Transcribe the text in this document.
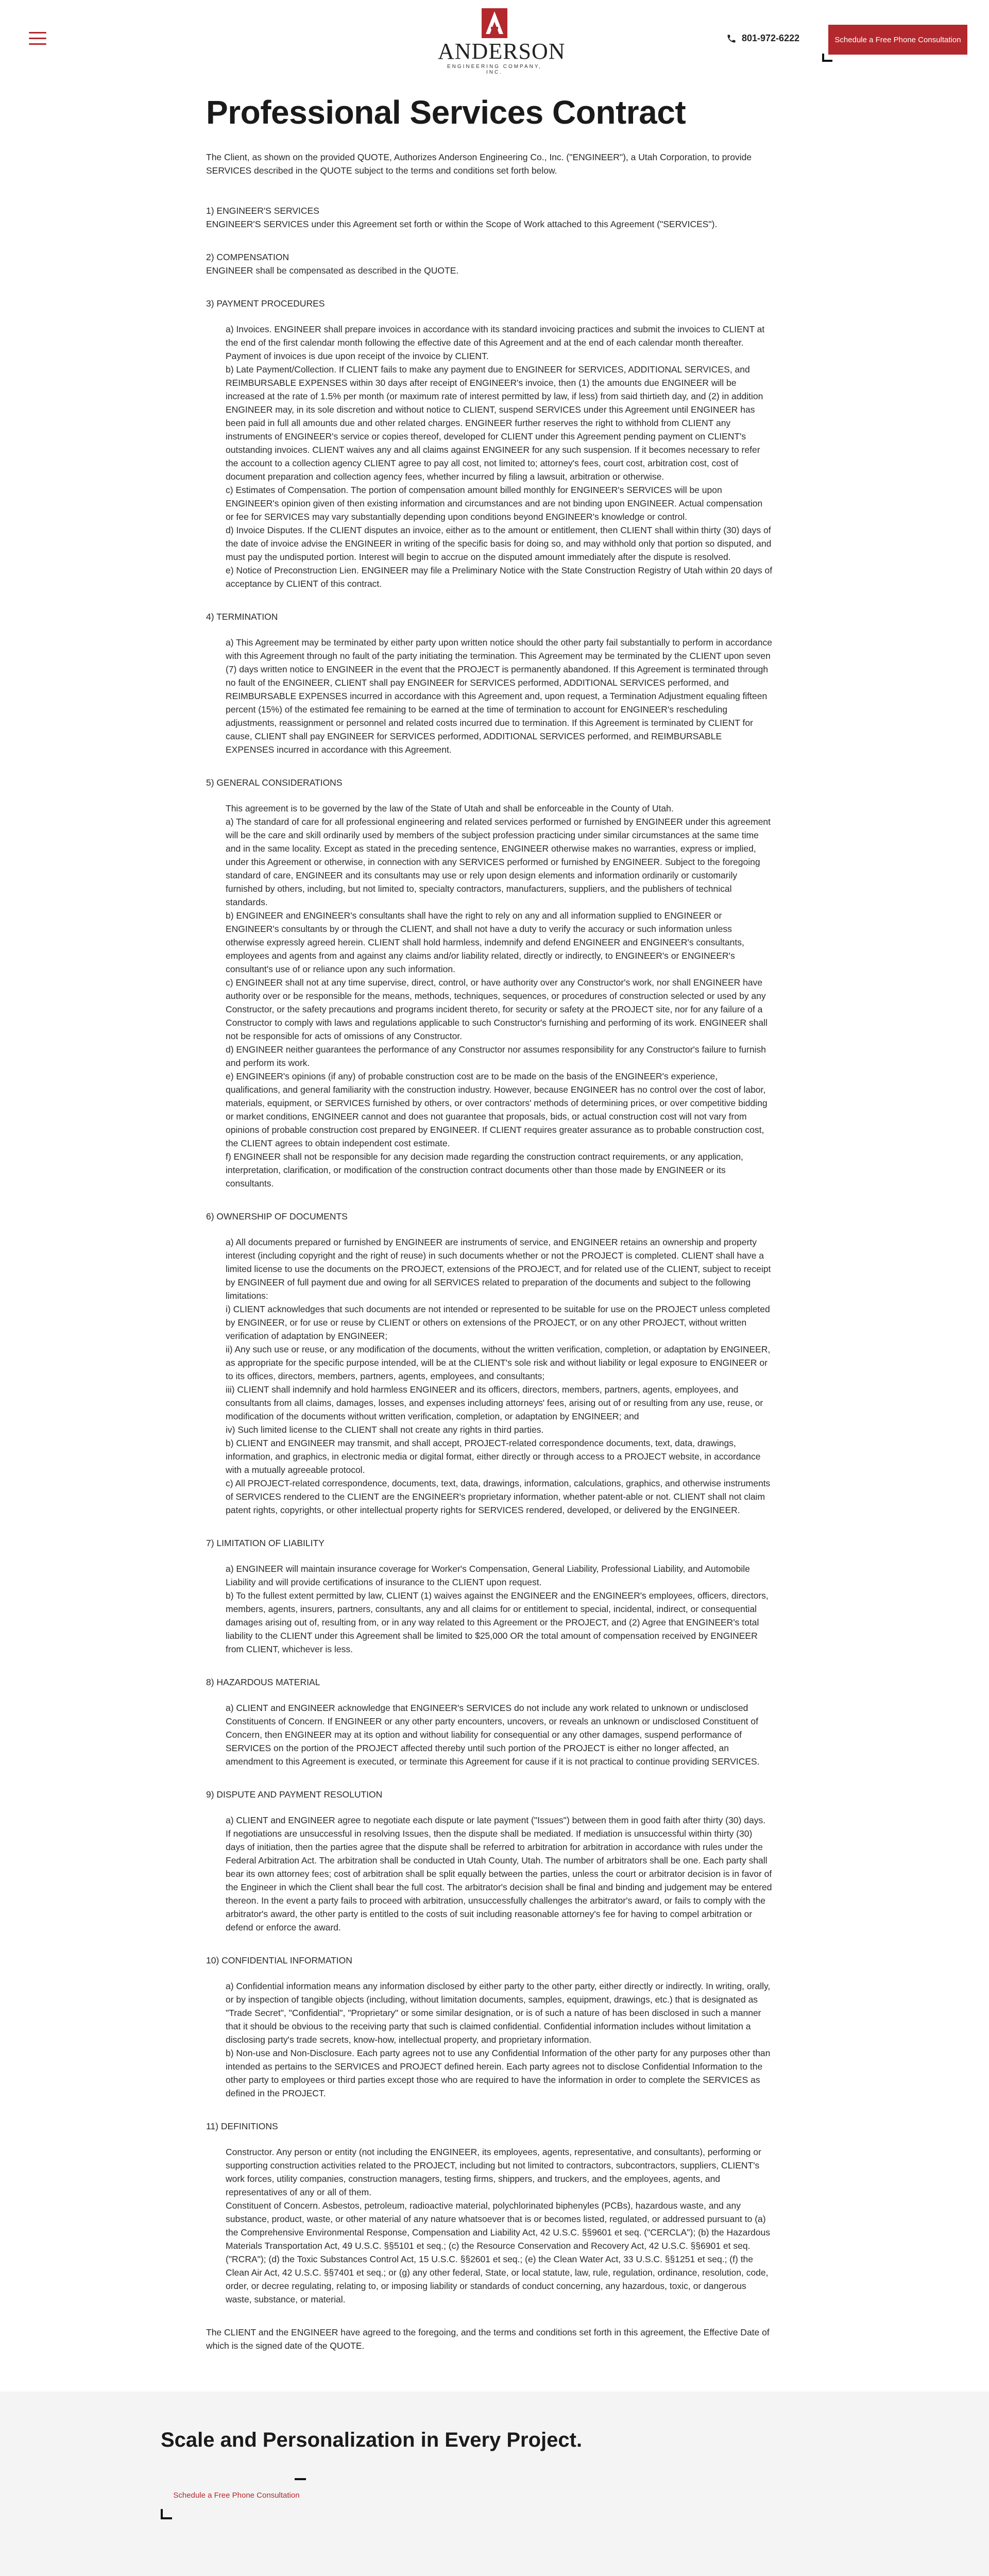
ANDERSON
ENGINEERING COMPANY, INC.
801-972-6222	Schedule a Free Phone Consultation
Professional Services Contract

The Client, as shown on the provided QUOTE, Authorizes Anderson Engineering Co., Inc. ("ENGINEER"), a Utah Corporation, to provide SERVICES described in the QUOTE subject to the terms and conditions set forth below.

1) ENGINEER'S SERVICES
ENGINEER'S SERVICES under this Agreement set forth or within the Scope of Work attached to this Agreement ("SERVICES").
2) COMPENSATION
ENGINEER shall be compensated as described in the QUOTE.
3) PAYMENT PROCEDURES
a) Invoices. ENGINEER shall prepare invoices in accordance with its standard invoicing practices and submit the invoices to CLIENT at the end of the first calendar month following the effective date of this Agreement and at the end of each calendar month thereafter. Payment of invoices is due upon receipt of the invoice by CLIENT.
b) Late Payment/Collection. If CLIENT fails to make any payment due to ENGINEER for SERVICES, ADDITIONAL SERVICES, and REIMBURSABLE EXPENSES within 30 days after receipt of ENGINEER's invoice, then (1) the amounts due ENGINEER will be increased at the rate of 1.5% per month (or maximum rate of interest permitted by law, if less) from said thirtieth day, and (2) in addition ENGINEER may, in its sole discretion and without notice to CLIENT, suspend SERVICES under this Agreement until ENGINEER has been paid in full all amounts due and other related charges. ENGINEER further reserves the right to withhold from CLIENT any instruments of ENGINEER's service or copies thereof, developed for CLIENT under this Agreement pending payment on CLIENT's outstanding invoices. CLIENT waives any and all claims against ENGINEER for any such suspension. If it becomes necessary to refer the account to a collection agency CLIENT agree to pay all cost, not limited to; attorney's fees, court cost, arbitration cost, cost of document preparation and collection agency fees, whether incurred by filing a lawsuit, arbitration or otherwise.
c) Estimates of Compensation. The portion of compensation amount billed monthly for ENGINEER's SERVICES will be upon ENGINEER's opinion given of then existing information and circumstances and are not binding upon ENGINEER. Actual compensation or fee for SERVICES may vary substantially depending upon conditions beyond ENGINEER's knowledge or control.
d) Invoice Disputes. If the CLIENT disputes an invoice, either as to the amount or entitlement, then CLIENT shall within thirty (30) days of the date of invoice advise the ENGINEER in writing of the specific basis for doing so, and may withhold only that portion so disputed, and must pay the undisputed portion. Interest will begin to accrue on the disputed amount immediately after the dispute is resolved.
e) Notice of Preconstruction Lien. ENGINEER may file a Preliminary Notice with the State Construction Registry of Utah within 20 days of acceptance by CLIENT of this contract.
4) TERMINATION
a) This Agreement may be terminated by either party upon written notice should the other party fail substantially to perform in accordance with this Agreement through no fault of the party initiating the termination. This Agreement may be terminated by the CLIENT upon seven (7) days written notice to ENGINEER in the event that the PROJECT is permanently abandoned. If this Agreement is terminated through no fault of the ENGINEER, CLIENT shall pay ENGINEER for SERVICES performed, ADDITIONAL SERVICES performed, and REIMBURSABLE EXPENSES incurred in accordance with this Agreement and, upon request, a Termination Adjustment equaling fifteen percent (15%) of the estimated fee remaining to be earned at the time of termination to account for ENGINEER's rescheduling adjustments, reassignment or personnel and related costs incurred due to termination. If this Agreement is terminated by CLIENT for cause, CLIENT shall pay ENGINEER for SERVICES performed, ADDITIONAL SERVICES performed, and REIMBURSABLE EXPENSES incurred in accordance with this Agreement.
5) GENERAL CONSIDERATIONS
This agreement is to be governed by the law of the State of Utah and shall be enforceable in the County of Utah.
a) The standard of care for all professional engineering and related services performed or furnished by ENGINEER under this agreement will be the care and skill ordinarily used by members of the subject profession practicing under similar circumstances at the same time and in the same locality. Except as stated in the preceding sentence, ENGINEER otherwise makes no warranties, express or implied, under this Agreement or otherwise, in connection with any SERVICES performed or furnished by ENGINEER. Subject to the foregoing standard of care, ENGINEER and its consultants may use or rely upon design elements and information ordinarily or customarily furnished by others, including, but not limited to, specialty contractors, manufacturers, suppliers, and the publishers of technical standards.
b) ENGINEER and ENGINEER's consultants shall have the right to rely on any and all information supplied to ENGINEER or ENGINEER's consultants by or through the CLIENT, and shall not have a duty to verify the accuracy or such information unless otherwise expressly agreed herein. CLIENT shall hold harmless, indemnify and defend ENGINEER and ENGINEER's consultants, employees and agents from and against any claims and/or liability related, directly or indirectly, to ENGINEER's or ENGINEER's consultant's use of or reliance upon any such information.
c) ENGINEER shall not at any time supervise, direct, control, or have authority over any Constructor's work, nor shall ENGINEER have authority over or be responsible for the means, methods, techniques, sequences, or procedures of construction selected or used by any Constructor, or the safety precautions and programs incident thereto, for security or safety at the PROJECT site, nor for any failure of a Constructor to comply with laws and regulations applicable to such Constructor's furnishing and performing of its work. ENGINEER shall not be responsible for acts of omissions of any Constructor.
d) ENGINEER neither guarantees the performance of any Constructor nor assumes responsibility for any Constructor's failure to furnish and perform its work.
e) ENGINEER's opinions (if any) of probable construction cost are to be made on the basis of the ENGINEER's experience, qualifications, and general familiarity with the construction industry. However, because ENGINEER has no control over the cost of labor, materials, equipment, or SERVICES furnished by others, or over contractors' methods of determining prices, or over competitive bidding or market conditions, ENGINEER cannot and does not guarantee that proposals, bids, or actual construction cost will not vary from opinions of probable construction cost prepared by ENGINEER. If CLIENT requires greater assurance as to probable construction cost, the CLIENT agrees to obtain independent cost estimate.
f) ENGINEER shall not be responsible for any decision made regarding the construction contract requirements, or any application, interpretation, clarification, or modification of the construction contract documents other than those made by ENGINEER or its consultants.
6) OWNERSHIP OF DOCUMENTS
a) All documents prepared or furnished by ENGINEER are instruments of service, and ENGINEER retains an ownership and property interest (including copyright and the right of reuse) in such documents whether or not the PROJECT is completed. CLIENT shall have a limited license to use the documents on the PROJECT, extensions of the PROJECT, and for related use of the CLIENT, subject to receipt by ENGINEER of full payment due and owing for all SERVICES related to preparation of the documents and subject to the following limitations:
i) CLIENT acknowledges that such documents are not intended or represented to be suitable for use on the PROJECT unless completed by ENGINEER, or for use or reuse by CLIENT or others on extensions of the PROJECT, or on any other PROJECT, without written verification of adaptation by ENGINEER;
ii) Any such use or reuse, or any modification of the documents, without the written verification, completion, or adaptation by ENGINEER, as appropriate for the specific purpose intended, will be at the CLIENT's sole risk and without liability or legal exposure to ENGINEER or to its offices, directors, members, partners, agents, employees, and consultants;
iii) CLIENT shall indemnify and hold harmless ENGINEER and its officers, directors, members, partners, agents, employees, and consultants from all claims, damages, losses, and expenses including attorneys' fees, arising out of or resulting from any use, reuse, or modification of the documents without written verification, completion, or adaptation by ENGINEER; and
iv) Such limited license to the CLIENT shall not create any rights in third parties.
b) CLIENT and ENGINEER may transmit, and shall accept, PROJECT-related correspondence documents, text, data, drawings, information, and graphics, in electronic media or digital format, either directly or through access to a PROJECT website, in accordance with a mutually agreeable protocol.
c) All PROJECT-related correspondence, documents, text, data, drawings, information, calculations, graphics, and otherwise instruments of SERVICES rendered to the CLIENT are the ENGINEER's proprietary information, whether patent-able or not. CLIENT shall not claim patent rights, copyrights, or other intellectual property rights for SERVICES rendered, developed, or delivered by the ENGINEER.
7) LIMITATION OF LIABILITY
a) ENGINEER will maintain insurance coverage for Worker's Compensation, General Liability, Professional Liability, and Automobile Liability and will provide certifications of insurance to the CLIENT upon request.
b) To the fullest extent permitted by law, CLIENT (1) waives against the ENGINEER and the ENGINEER's employees, officers, directors, members, agents, insurers, partners, consultants, any and all claims for or entitlement to special, incidental, indirect, or consequential damages arising out of, resulting from, or in any way related to this Agreement or the PROJECT, and (2) Agree that ENGINEER's total liability to the CLIENT under this Agreement shall be limited to $25,000 OR the total amount of compensation received by ENGINEER from CLIENT, whichever is less.
8) HAZARDOUS MATERIAL
a) CLIENT and ENGINEER acknowledge that ENGINEER's SERVICES do not include any work related to unknown or undisclosed Constituents of Concern. If ENGINEER or any other party encounters, uncovers, or reveals an unknown or undisclosed Constituent of Concern, then ENGINEER may at its option and without liability for consequential or any other damages, suspend performance of SERVICES on the portion of the PROJECT affected thereby until such portion of the PROJECT is either no longer affected, an amendment to this Agreement is executed, or terminate this Agreement for cause if it is not practical to continue providing SERVICES.
9) DISPUTE AND PAYMENT RESOLUTION
a) CLIENT and ENGINEER agree to negotiate each dispute or late payment ("Issues") between them in good faith after thirty (30) days. If negotiations are unsuccessful in resolving Issues, then the dispute shall be mediated. If mediation is unsuccessful within thirty (30) days of initiation, then the parties agree that the dispute shall be referred to arbitration for arbitration in accordance with rules under the Federal Arbitration Act. The arbitration shall be conducted in Utah County, Utah. The number of arbitrators shall be one. Each party shall bear its own attorney fees; cost of arbitration shall be split equally between the parties, unless the court or arbitrator decision is in favor of the Engineer in which the Client shall bear the full cost. The arbitrator's decision shall be final and binding and judgement may be entered thereon. In the event a party fails to proceed with arbitration, unsuccessfully challenges the arbitrator's award, or fails to comply with the arbitrator's award, the other party is entitled to the costs of suit including reasonable attorney's fee for having to compel arbitration or defend or enforce the award.
10) CONFIDENTIAL INFORMATION
a) Confidential information means any information disclosed by either party to the other party, either directly or indirectly. In writing, orally, or by inspection of tangible objects (including, without limitation documents, samples, equipment, drawings, etc.) that is designated as "Trade Secret", "Confidential", "Proprietary" or some similar designation, or is of such a nature of has been disclosed in such a manner that it should be obvious to the receiving party that such is claimed confidential. Confidential information includes without limitation a disclosing party's trade secrets, know-how, intellectual property, and proprietary information.
b) Non-use and Non-Disclosure. Each party agrees not to use any Confidential Information of the other party for any purposes other than intended as pertains to the SERVICES and PROJECT defined herein. Each party agrees not to disclose Confidential Information to the other party to employees or third parties except those who are required to have the information in order to complete the SERVICES as defined in the PROJECT.
11) DEFINITIONS
Constructor. Any person or entity (not including the ENGINEER, its employees, agents, representative, and consultants), performing or supporting construction activities related to the PROJECT, including but not limited to contractors, subcontractors, suppliers, CLIENT's work forces, utility companies, construction managers, testing firms, shippers, and truckers, and the employees, agents, and representatives of any or all of them.
Constituent of Concern. Asbestos, petroleum, radioactive material, polychlorinated biphenyles (PCBs), hazardous waste, and any substance, product, waste, or other material of any nature whatsoever that is or becomes listed, regulated, or addressed pursuant to (a) the Comprehensive Environmental Response, Compensation and Liability Act, 42 U.S.C. §§9601 et seq. ("CERCLA"); (b) the Hazardous Materials Transportation Act, 49 U.S.C. §§5101 et seq.; (c) the Resource Conservation and Recovery Act, 42 U.S.C. §§6901 et seq. ("RCRA"); (d) the Toxic Substances Control Act, 15 U.S.C. §§2601 et seq.; (e) the Clean Water Act, 33 U.S.C. §§1251 et seq.; (f) the Clean Air Act, 42 U.S.C. §§7401 et seq.; or (g) any other federal, State, or local statute, law, rule, regulation, ordinance, resolution, code, order, or decree regulating, relating to, or imposing liability or standards of conduct concerning, any hazardous, toxic, or dangerous waste, substance, or material.

The CLIENT and the ENGINEER have agreed to the foregoing, and the terms and conditions set forth in this agreement, the Effective Date of which is the signed date of the QUOTE.

Scale and Personalization in Every Project.
Schedule a Free Phone Consultation
